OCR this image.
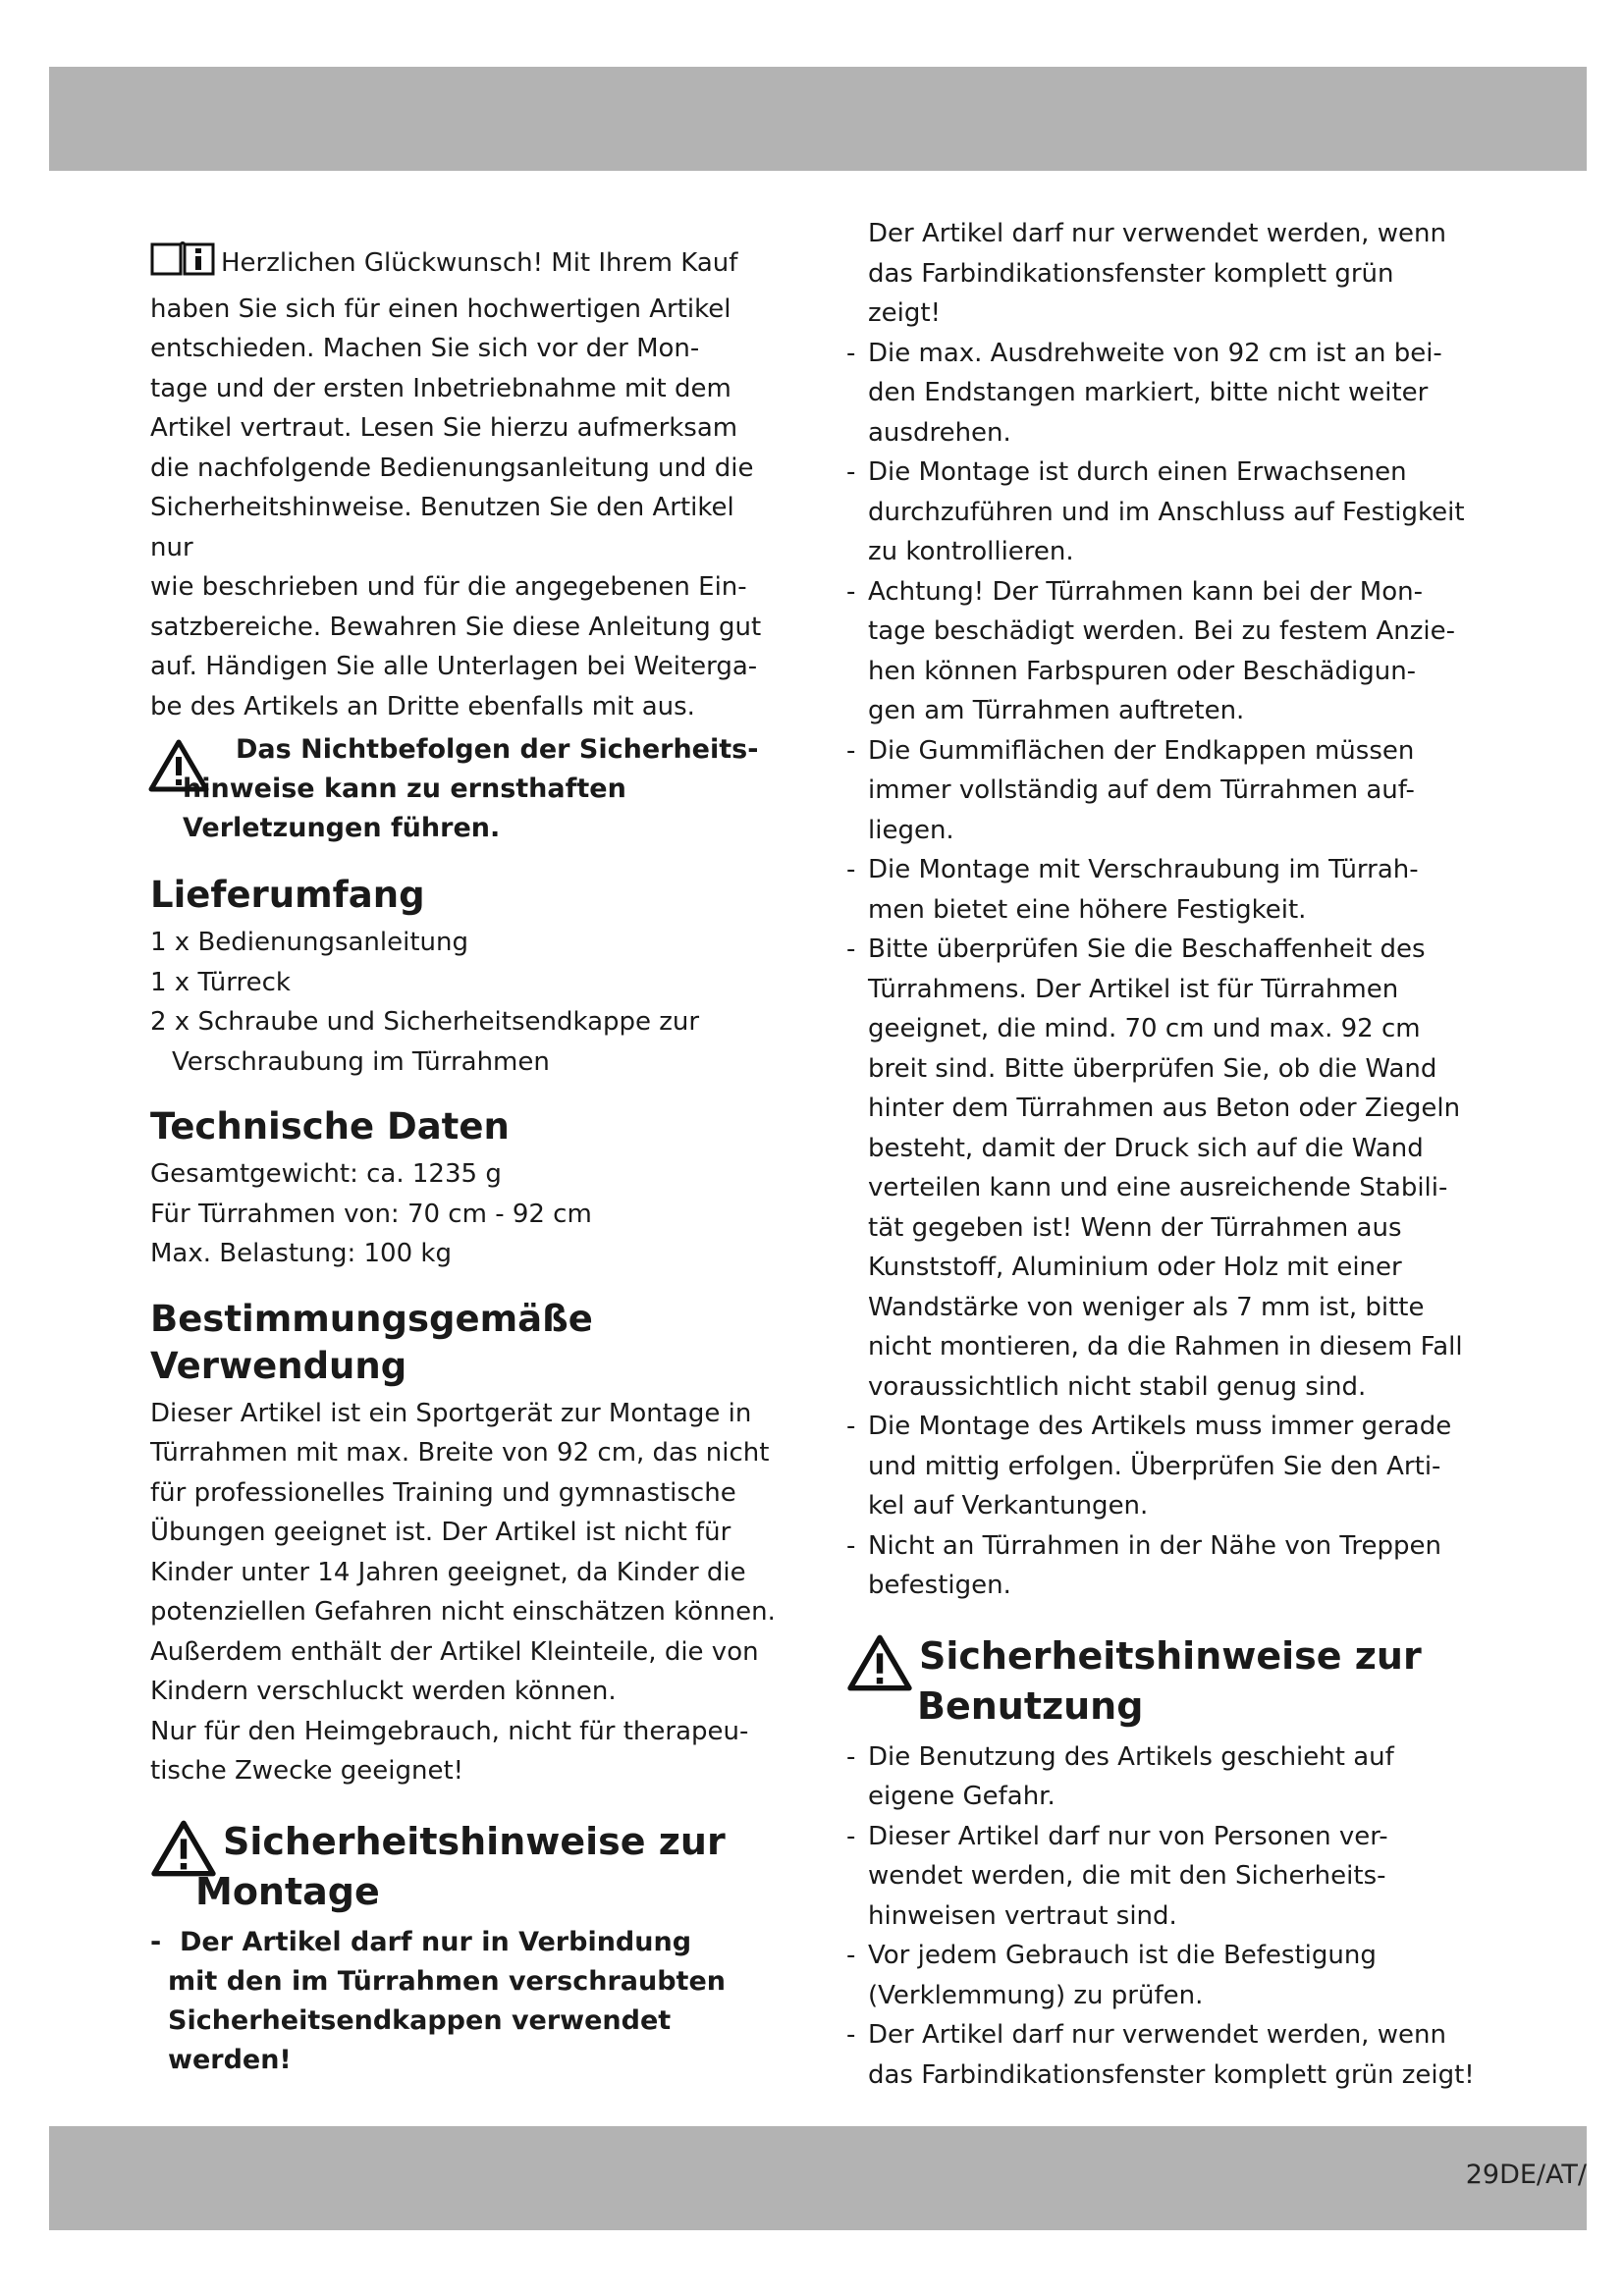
Herzlichen Glückwunsch! Mit Ihrem Kauf
haben Sie sich für einen hochwertigen Artikel
entschieden. Machen Sie sich vor der Mon-
tage und der ersten Inbetriebnahme mit dem
Artikel vertraut. Lesen Sie hierzu aufmerksam
die nachfolgende Bedienungsanleitung und die
Sicherheitshinweise. Benutzen Sie den Artikel nur
wie beschrieben und für die angegebenen Ein-
satzbereiche. Bewahren Sie diese Anleitung gut
auf. Händigen Sie alle Unterlagen bei Weiterga-
be des Artikels an Dritte ebenfalls mit aus.
Das Nichtbefolgen der Sicherheits-
hinweise kann zu ernsthaften
Verletzungen führen.
Lieferumfang
1 x Bedienungsanleitung
1 x Türreck
2 x Schraube und Sicherheitsendkappe zur
Verschraubung im Türrahmen
Technische Daten
Gesamtgewicht: ca. 1235 g
Für Türrahmen von: 70 cm - 92 cm
Max. Belastung: 100 kg
Bestimmungsgemäße
Verwendung
Dieser Artikel ist ein Sportgerät zur Montage in
Türrahmen mit max. Breite von 92 cm, das nicht
für professionelles Training und gymnastische
Übungen geeignet ist. Der Artikel ist nicht für
Kinder unter 14 Jahren geeignet, da Kinder die
potenziellen Gefahren nicht einschätzen können.
Außerdem enthält der Artikel Kleinteile, die von
Kindern verschluckt werden können.
Nur für den Heimgebrauch, nicht für therapeu-
tische Zwecke geeignet!
Sicherheitshinweise zur
Montage
-  Der Artikel darf nur in Verbindung
mit den im Türrahmen verschraubten
Sicherheitsendkappen verwendet
werden!
Der Artikel darf nur verwendet werden, wenn
das Farbindikationsfenster komplett grün
zeigt!
- Die max. Ausdrehweite von 92 cm ist an bei-
den Endstangen markiert, bitte nicht weiter
ausdrehen.
- Die Montage ist durch einen Erwachsenen
durchzuführen und im Anschluss auf Festigkeit
zu kontrollieren.
- Achtung! Der Türrahmen kann bei der Mon-
tage beschädigt werden. Bei zu festem Anzie-
hen können Farbspuren oder Beschädigun-
gen am Türrahmen auftreten.
- Die Gummiflächen der Endkappen müssen
immer vollständig auf dem Türrahmen auf-
liegen.
- Die Montage mit Verschraubung im Türrah-
men bietet eine höhere Festigkeit.
- Bitte überprüfen Sie die Beschaffenheit des
Türrahmens. Der Artikel ist für Türrahmen
geeignet, die mind. 70 cm und max. 92 cm
breit sind. Bitte überprüfen Sie, ob die Wand
hinter dem Türrahmen aus Beton oder Ziegeln
besteht, damit der Druck sich auf die Wand
verteilen kann und eine ausreichende Stabili-
tät gegeben ist! Wenn der Türrahmen aus
Kunststoff, Aluminium oder Holz mit einer
Wandstärke von weniger als 7 mm ist, bitte
nicht montieren, da die Rahmen in diesem Fall
voraussichtlich nicht stabil genug sind.
- Die Montage des Artikels muss immer gerade
und mittig erfolgen. Überprüfen Sie den Arti-
kel auf Verkantungen.
- Nicht an Türrahmen in der Nähe von Treppen
befestigen.
Sicherheitshinweise zur
Benutzung
- Die Benutzung des Artikels geschieht auf
eigene Gefahr.
- Dieser Artikel darf nur von Personen ver-
wendet werden, die mit den Sicherheits-
hinweisen vertraut sind.
- Vor jedem Gebrauch ist die Befestigung
(Verklemmung) zu prüfen.
- Der Artikel darf nur verwendet werden, wenn
das Farbindikationsfenster komplett grün zeigt!
29DE/AT/
